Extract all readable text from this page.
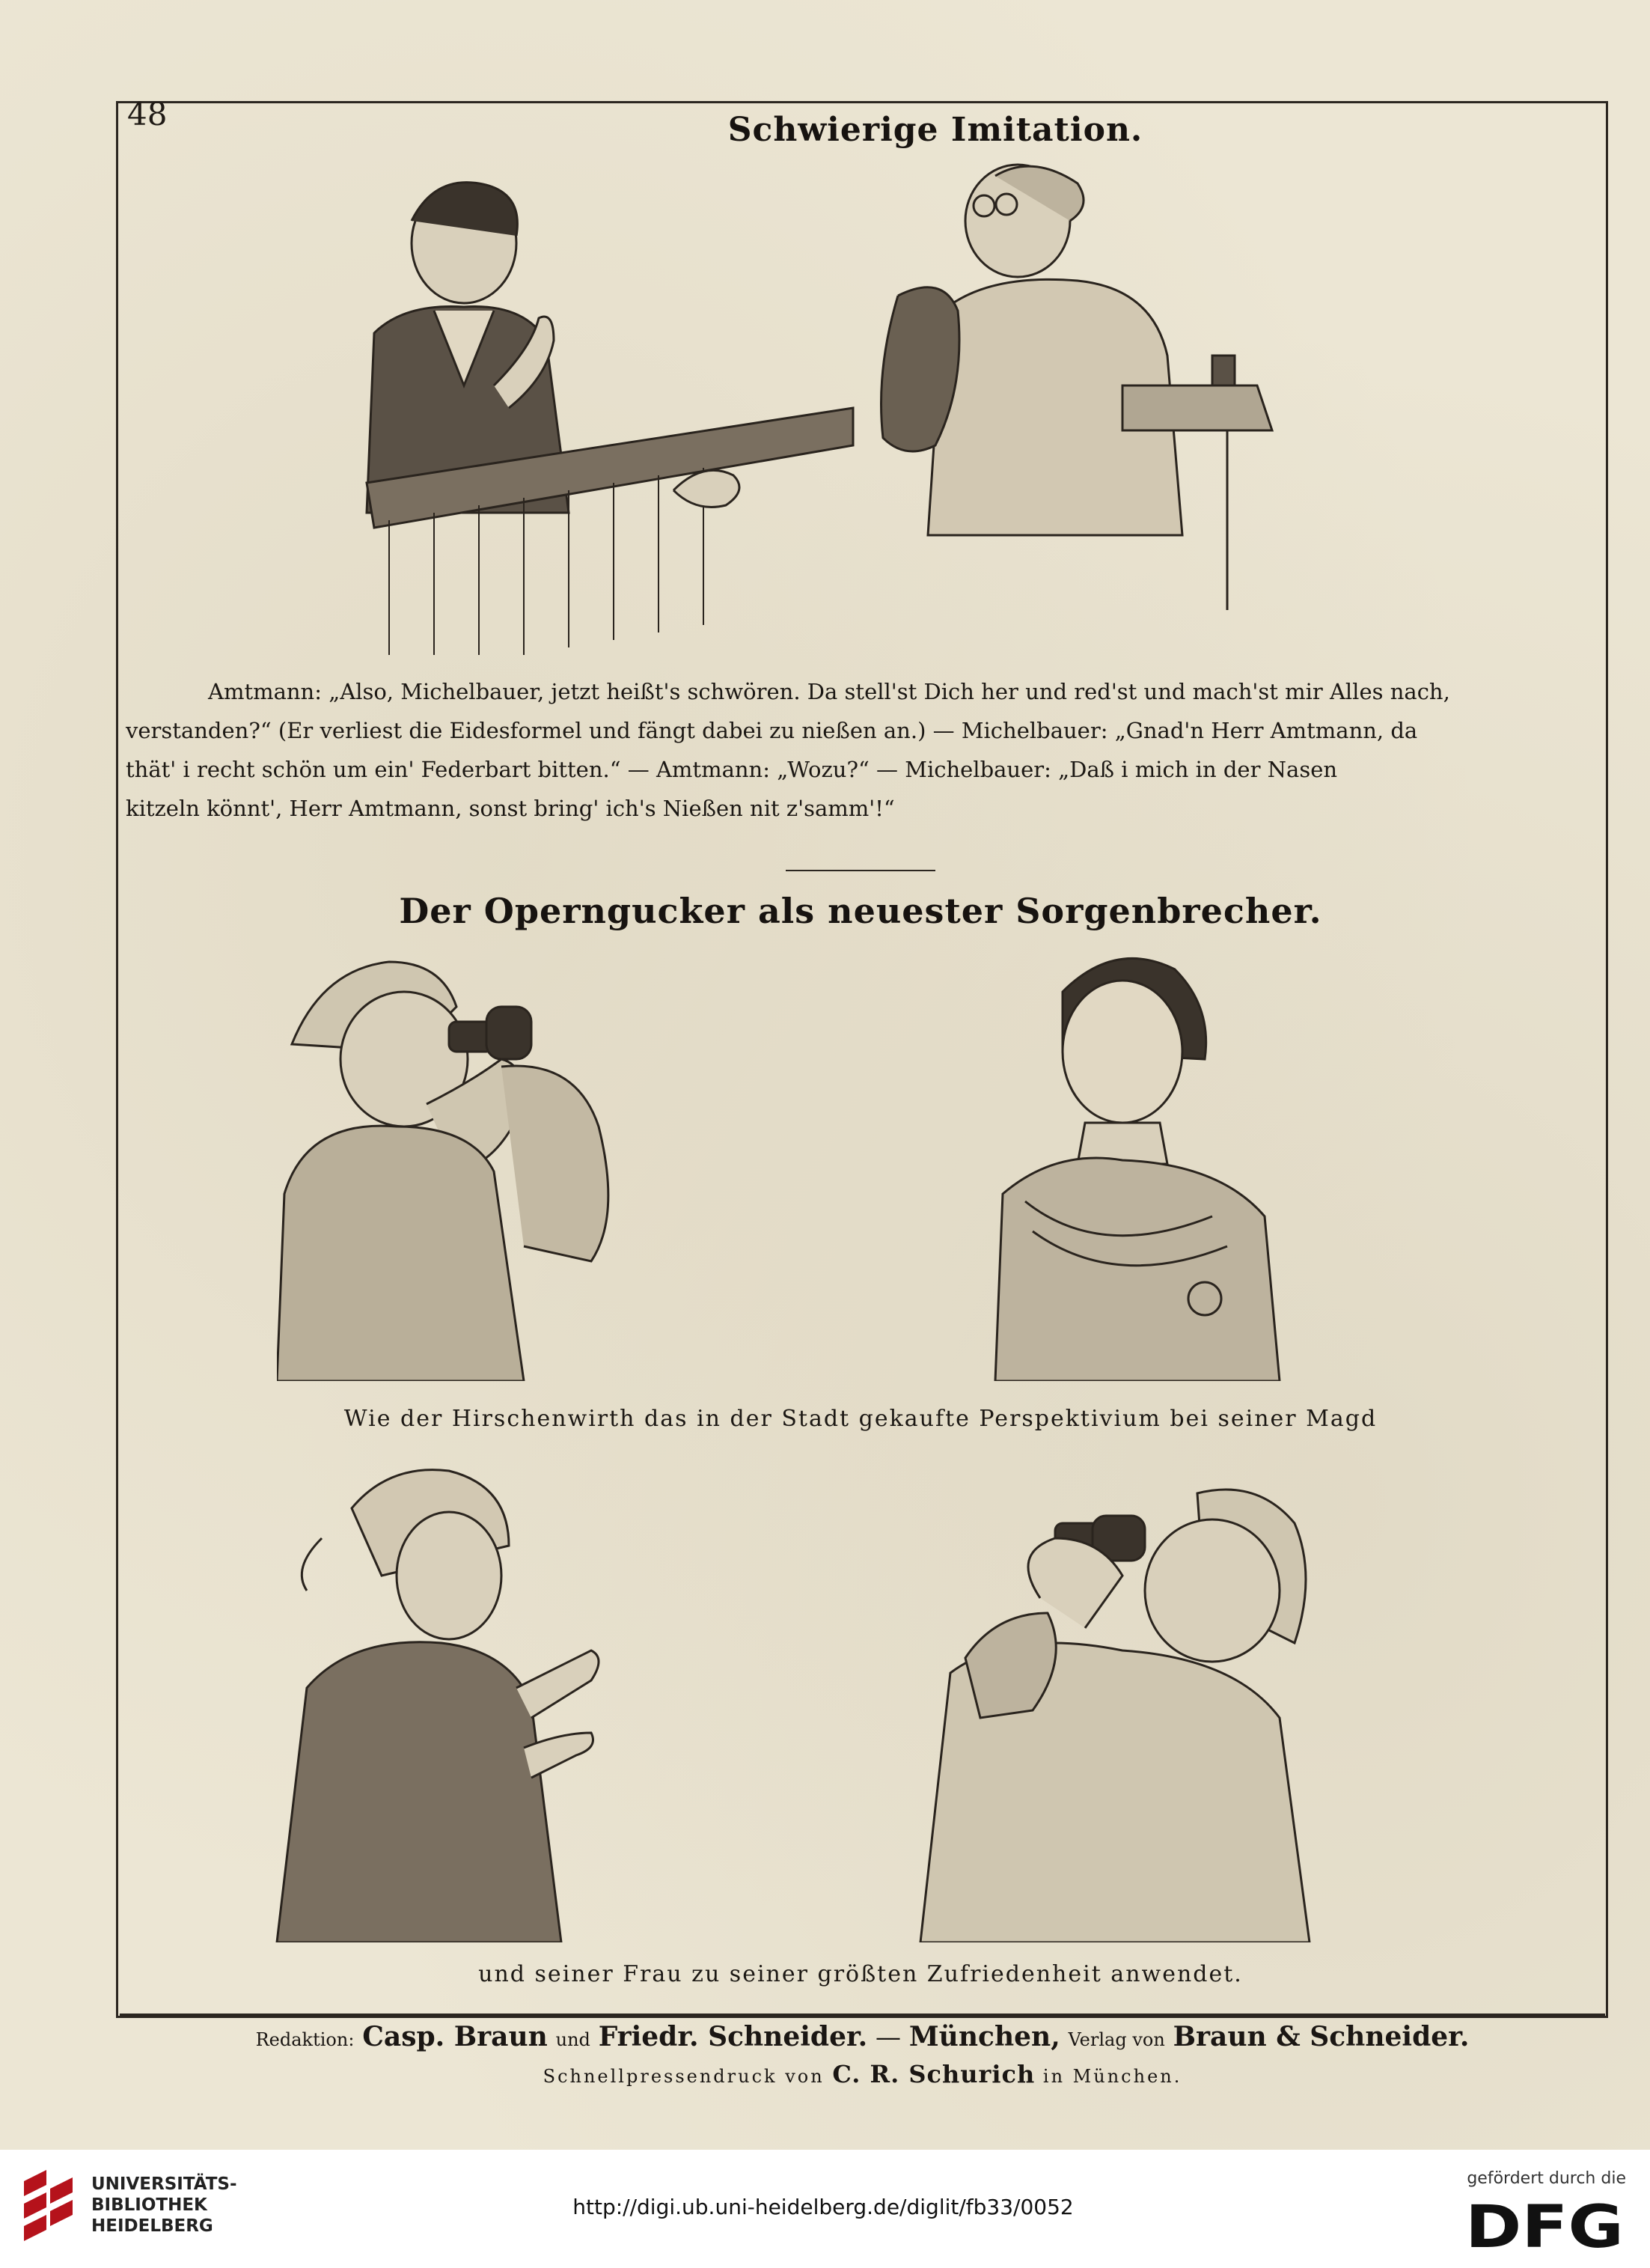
48	Schwierige Imitation.

Amtmann: „Also, Michelbauer, jetzt heißt's schwören. Da stell'st Dich her und red'st und mach'st mir Alles nach,

verstanden?“ (Er verliest die Eidesformel und fängt dabei zu nießen an.) — Michelbauer: „Gnad'n Herr Amtmann, da

thät' i recht schön um ein' Federbart bitten.“ — Amtmann: „Wozu?“ — Michelbauer: „Daß i mich in der Nasen

kitzeln könnt', Herr Amtmann, sonst bring' ich's Nießen nit z'samm'!“

Der Operngucker als neuester Sorgenbrecher.
Wie der Hirschenwirth das in der Stadt gekaufte Perspektivium bei seiner Magd
und seiner Frau zu seiner größten Zufriedenheit anwendet.
Redaktion: Casp. Braun und Friedr. Schneider. — München, Verlag von Braun & Schneider.
Schnellpressendruck von C. R. Schurich in München.
UNIVERSITÄTS-
BIBLIOTHEK
HEIDELBERG
http://digi.ub.uni-heidelberg.de/diglit/fb33/0052
gefördert durch die
DFG
